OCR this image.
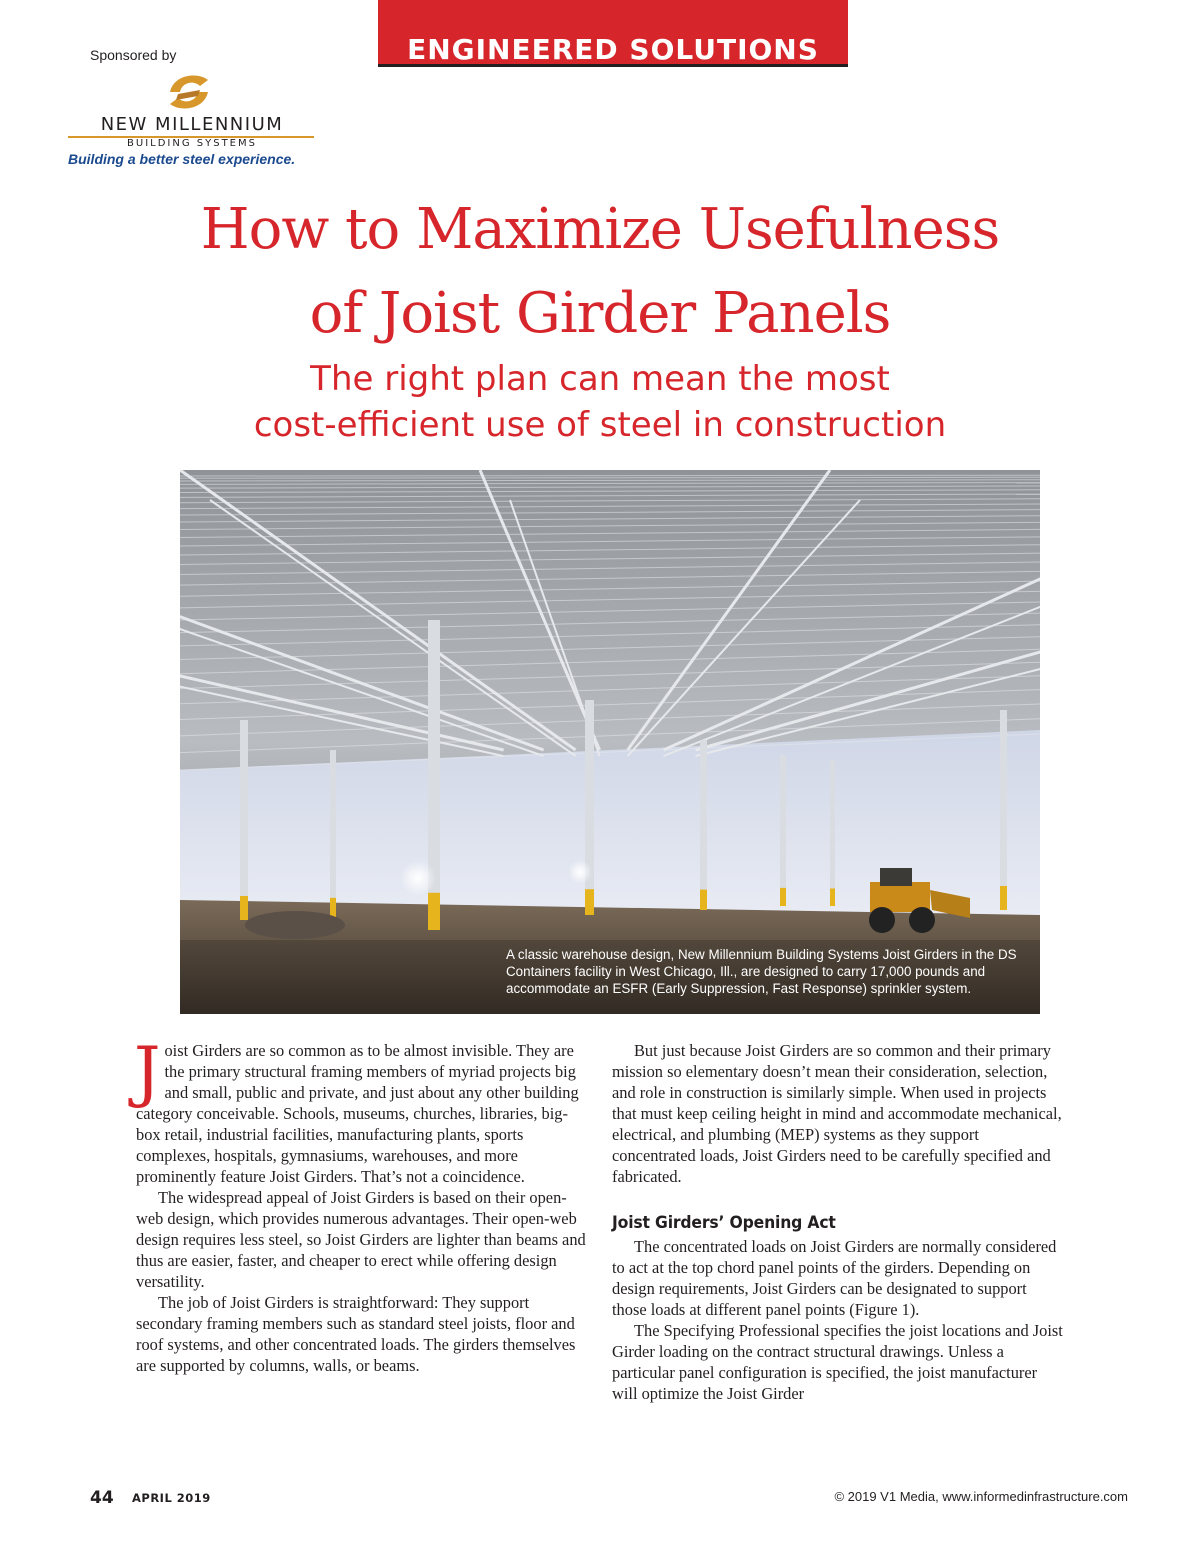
ENGINEERED SOLUTIONS
Sponsored by
NEW MILLENNIUM
BUILDING SYSTEMS
Building a better steel experience.
How to Maximize Usefulness
of Joist Girder Panels
The right plan can mean the most
cost-efficient use of steel in construction
A classic warehouse design, New Millennium Building Systems Joist Girders in the DS Containers facility in West Chicago, Ill., are designed to carry 17,000 pounds and accommodate an ESFR (Early Suppression, Fast Response) sprinkler system.

Joist Girders are so common as to be almost invisible. They are the primary structural framing members of myriad projects big and small, public and private, and just about any other building category conceivable. Schools, museums, churches, libraries, big-box retail, industrial facilities, manufacturing plants, sports complexes, hospitals, gymnasiums, warehouses, and more prominently feature Joist Girders. That’s not a coincidence.

The widespread appeal of Joist Girders is based on their open-web design, which provides numerous advantages. Their open-web design requires less steel, so Joist Girders are lighter than beams and thus are easier, faster, and cheaper to erect while offering design versatility.

The job of Joist Girders is straightforward: They support secondary framing members such as standard steel joists, floor and roof systems, and other concentrated loads. The girders themselves are supported by columns, walls, or beams.

But just because Joist Girders are so common and their primary mission so elementary doesn’t mean their consideration, selection, and role in construction is similarly simple. When used in projects that must keep ceiling height in mind and accommodate mechanical, electrical, and plumbing (MEP) systems as they support concentrated loads, Joist Girders need to be carefully specified and fabricated.

Joist Girders’ Opening Act

The concentrated loads on Joist Girders are normally considered to act at the top chord panel points of the girders. Depending on design requirements, Joist Girders can be designated to support those loads at different panel points (Figure 1).

The Specifying Professional specifies the joist locations and Joist Girder loading on the contract structural drawings. Unless a particular panel configuration is specified, the joist manufacturer will optimize the Joist Girder

44 APRIL 2019	© 2019 V1 Media, www.informedinfrastructure.com
